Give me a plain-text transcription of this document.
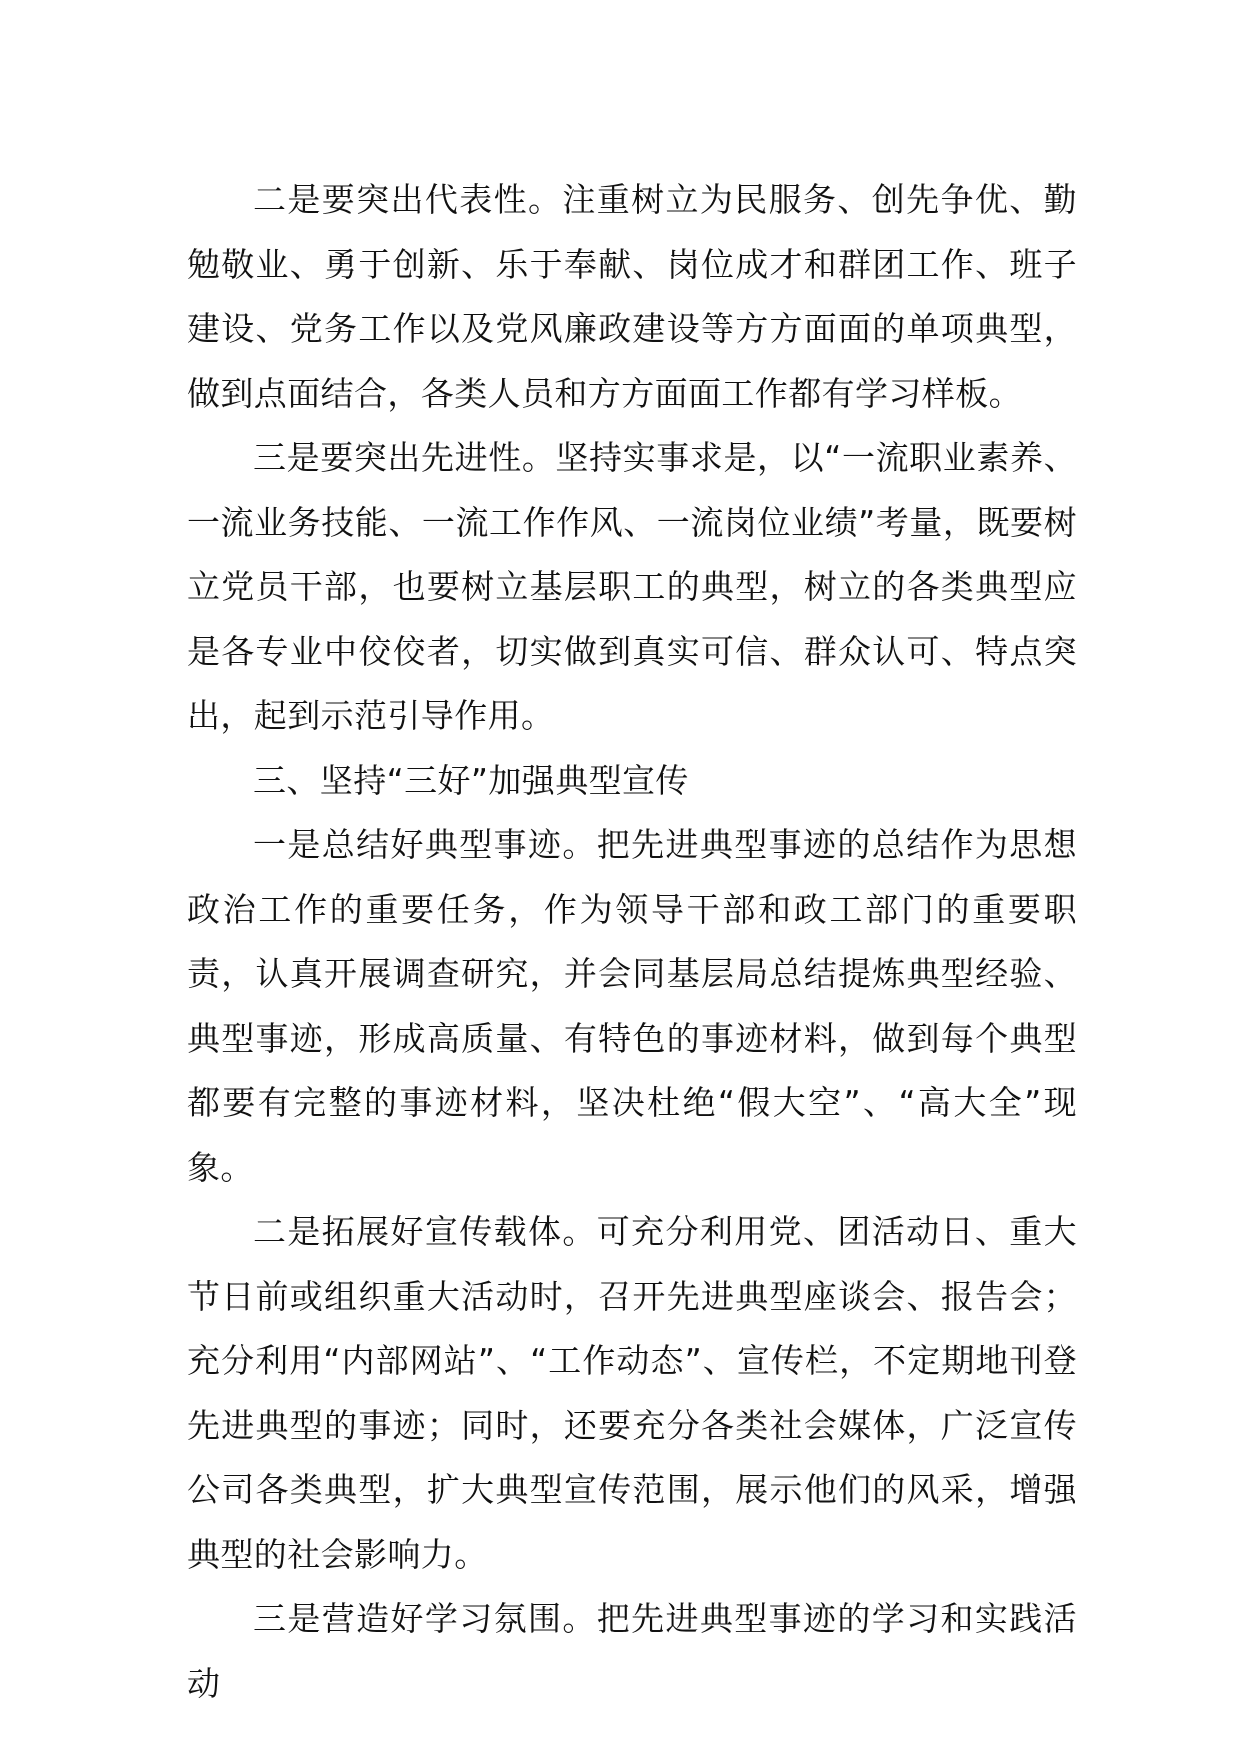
二是要突出代表性。注重树立为民服务、创先争优、勤勉敬业、勇于创新、乐于奉献、岗位成才和群团工作、班子建设、党务工作以及党风廉政建设等方方面面的单项典型，做到点面结合，各类人员和方方面面工作都有学习样板。

三是要突出先进性。坚持实事求是，以“一流职业素养、一流业务技能、一流工作作风、一流岗位业绩”考量，既要树立党员干部，也要树立基层职工的典型，树立的各类典型应是各专业中佼佼者，切实做到真实可信、群众认可、特点突出，起到示范引导作用。

三、坚持“三好”加强典型宣传

一是总结好典型事迹。把先进典型事迹的总结作为思想政治工作的重要任务，作为领导干部和政工部门的重要职责，认真开展调查研究，并会同基层局总结提炼典型经验、典型事迹，形成高质量、有特色的事迹材料，做到每个典型都要有完整的事迹材料，坚决杜绝“假大空”、“高大全”现象。

二是拓展好宣传载体。可充分利用党、团活动日、重大节日前或组织重大活动时，召开先进典型座谈会、报告会；充分利用“内部网站”、“工作动态”、宣传栏，不定期地刊登先进典型的事迹；同时，还要充分各类社会媒体，广泛宣传公司各类典型，扩大典型宣传范围，展示他们的风采，增强典型的社会影响力。

三是营造好学习氛围。把先进典型事迹的学习和实践活动
